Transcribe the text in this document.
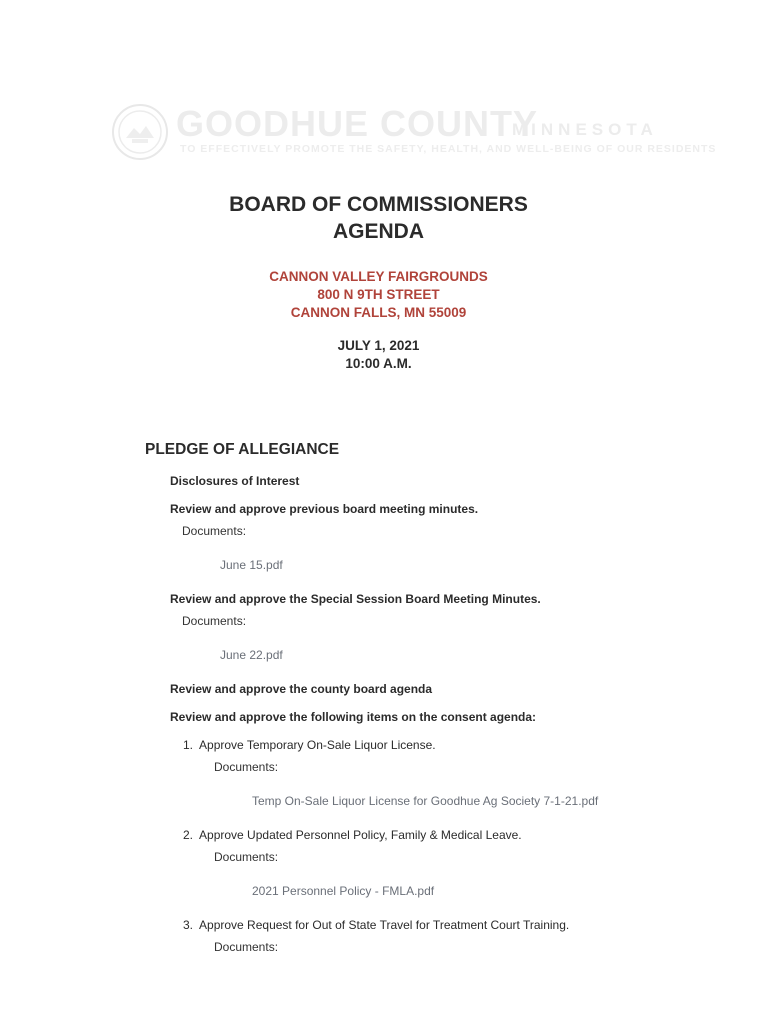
GOODHUE COUNTY
MINNESOTA
TO EFFECTIVELY PROMOTE THE SAFETY, HEALTH, AND WELL-BEING OF OUR RESIDENTS
BOARD OF COMMISSIONERS
AGENDA
CANNON VALLEY FAIRGROUNDS
800 N 9TH STREET
CANNON FALLS, MN 55009
JULY 1, 2021
10:00 A.M.
PLEDGE OF ALLEGIANCE
Disclosures of Interest
Review and approve previous board meeting minutes.
Documents:
June 15.pdf
Review and approve the Special Session Board Meeting Minutes.
Documents:
June 22.pdf
Review and approve the county board agenda
Review and approve the following items on the consent agenda:
1. Approve Temporary On-Sale Liquor License.
Documents:
Temp On-Sale Liquor License for Goodhue Ag Society 7-1-21.pdf
2. Approve Updated Personnel Policy, Family & Medical Leave.
Documents:
2021 Personnel Policy - FMLA.pdf
3. Approve Request for Out of State Travel for Treatment Court Training.
Documents:
